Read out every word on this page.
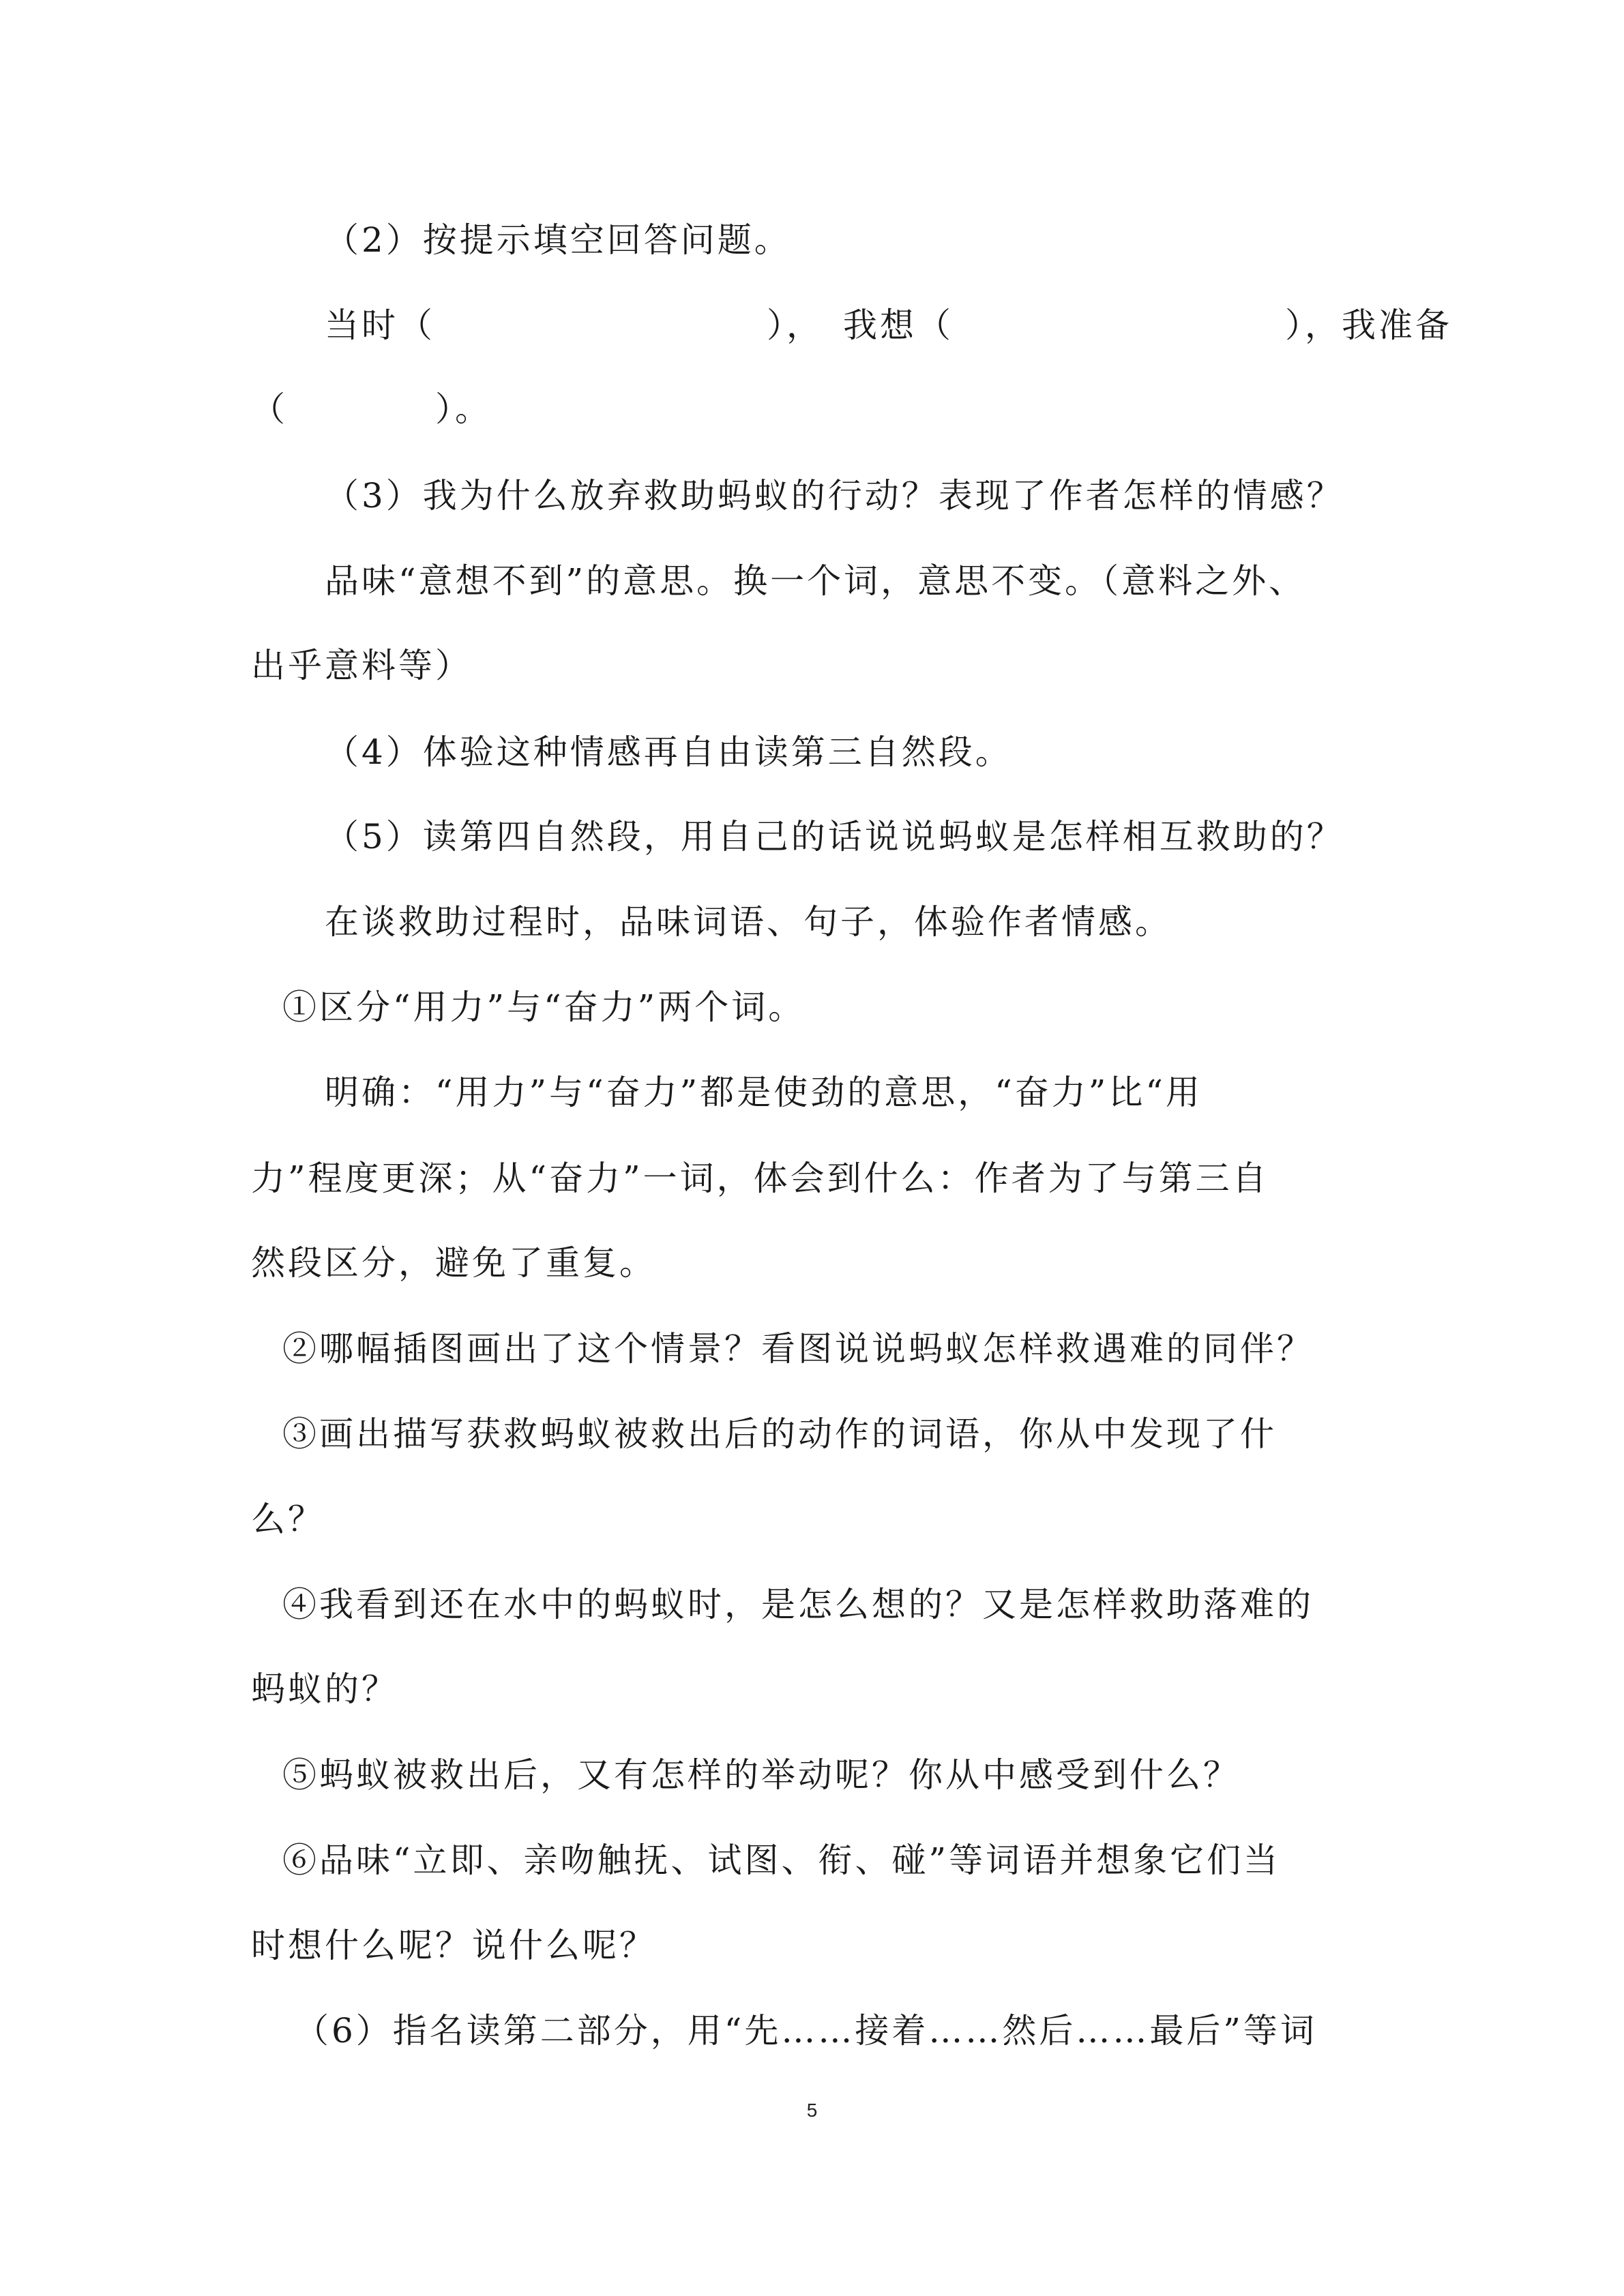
（2）按提示填空回答问题。
当时（　　　　　　　　　），　我想（　　　　　　　　　），我准备
（　　　　）。
（3）我为什么放弃救助蚂蚁的行动？表现了作者怎样的情感？
品味“意想不到”的意思。换一个词，意思不变。（意料之外、
出乎意料等）
（4）体验这种情感再自由读第三自然段。
（5）读第四自然段，用自己的话说说蚂蚁是怎样相互救助的？
在谈救助过程时，品味词语、句子，体验作者情感。
①区分“用力”与“奋力”两个词。
明确：“用力”与“奋力”都是使劲的意思，“奋力”比“用
力”程度更深；从“奋力”一词，体会到什么：作者为了与第三自
然段区分，避免了重复。
②哪幅插图画出了这个情景？看图说说蚂蚁怎样救遇难的同伴？
③画出描写获救蚂蚁被救出后的动作的词语，你从中发现了什
么？
④我看到还在水中的蚂蚁时，是怎么想的？又是怎样救助落难的
蚂蚁的？
⑤蚂蚁被救出后，又有怎样的举动呢？你从中感受到什么？
⑥品味“立即、亲吻触抚、试图、衔、碰”等词语并想象它们当
时想什么呢？说什么呢？
（6）指名读第二部分，用“先……接着……然后……最后”等词
5
